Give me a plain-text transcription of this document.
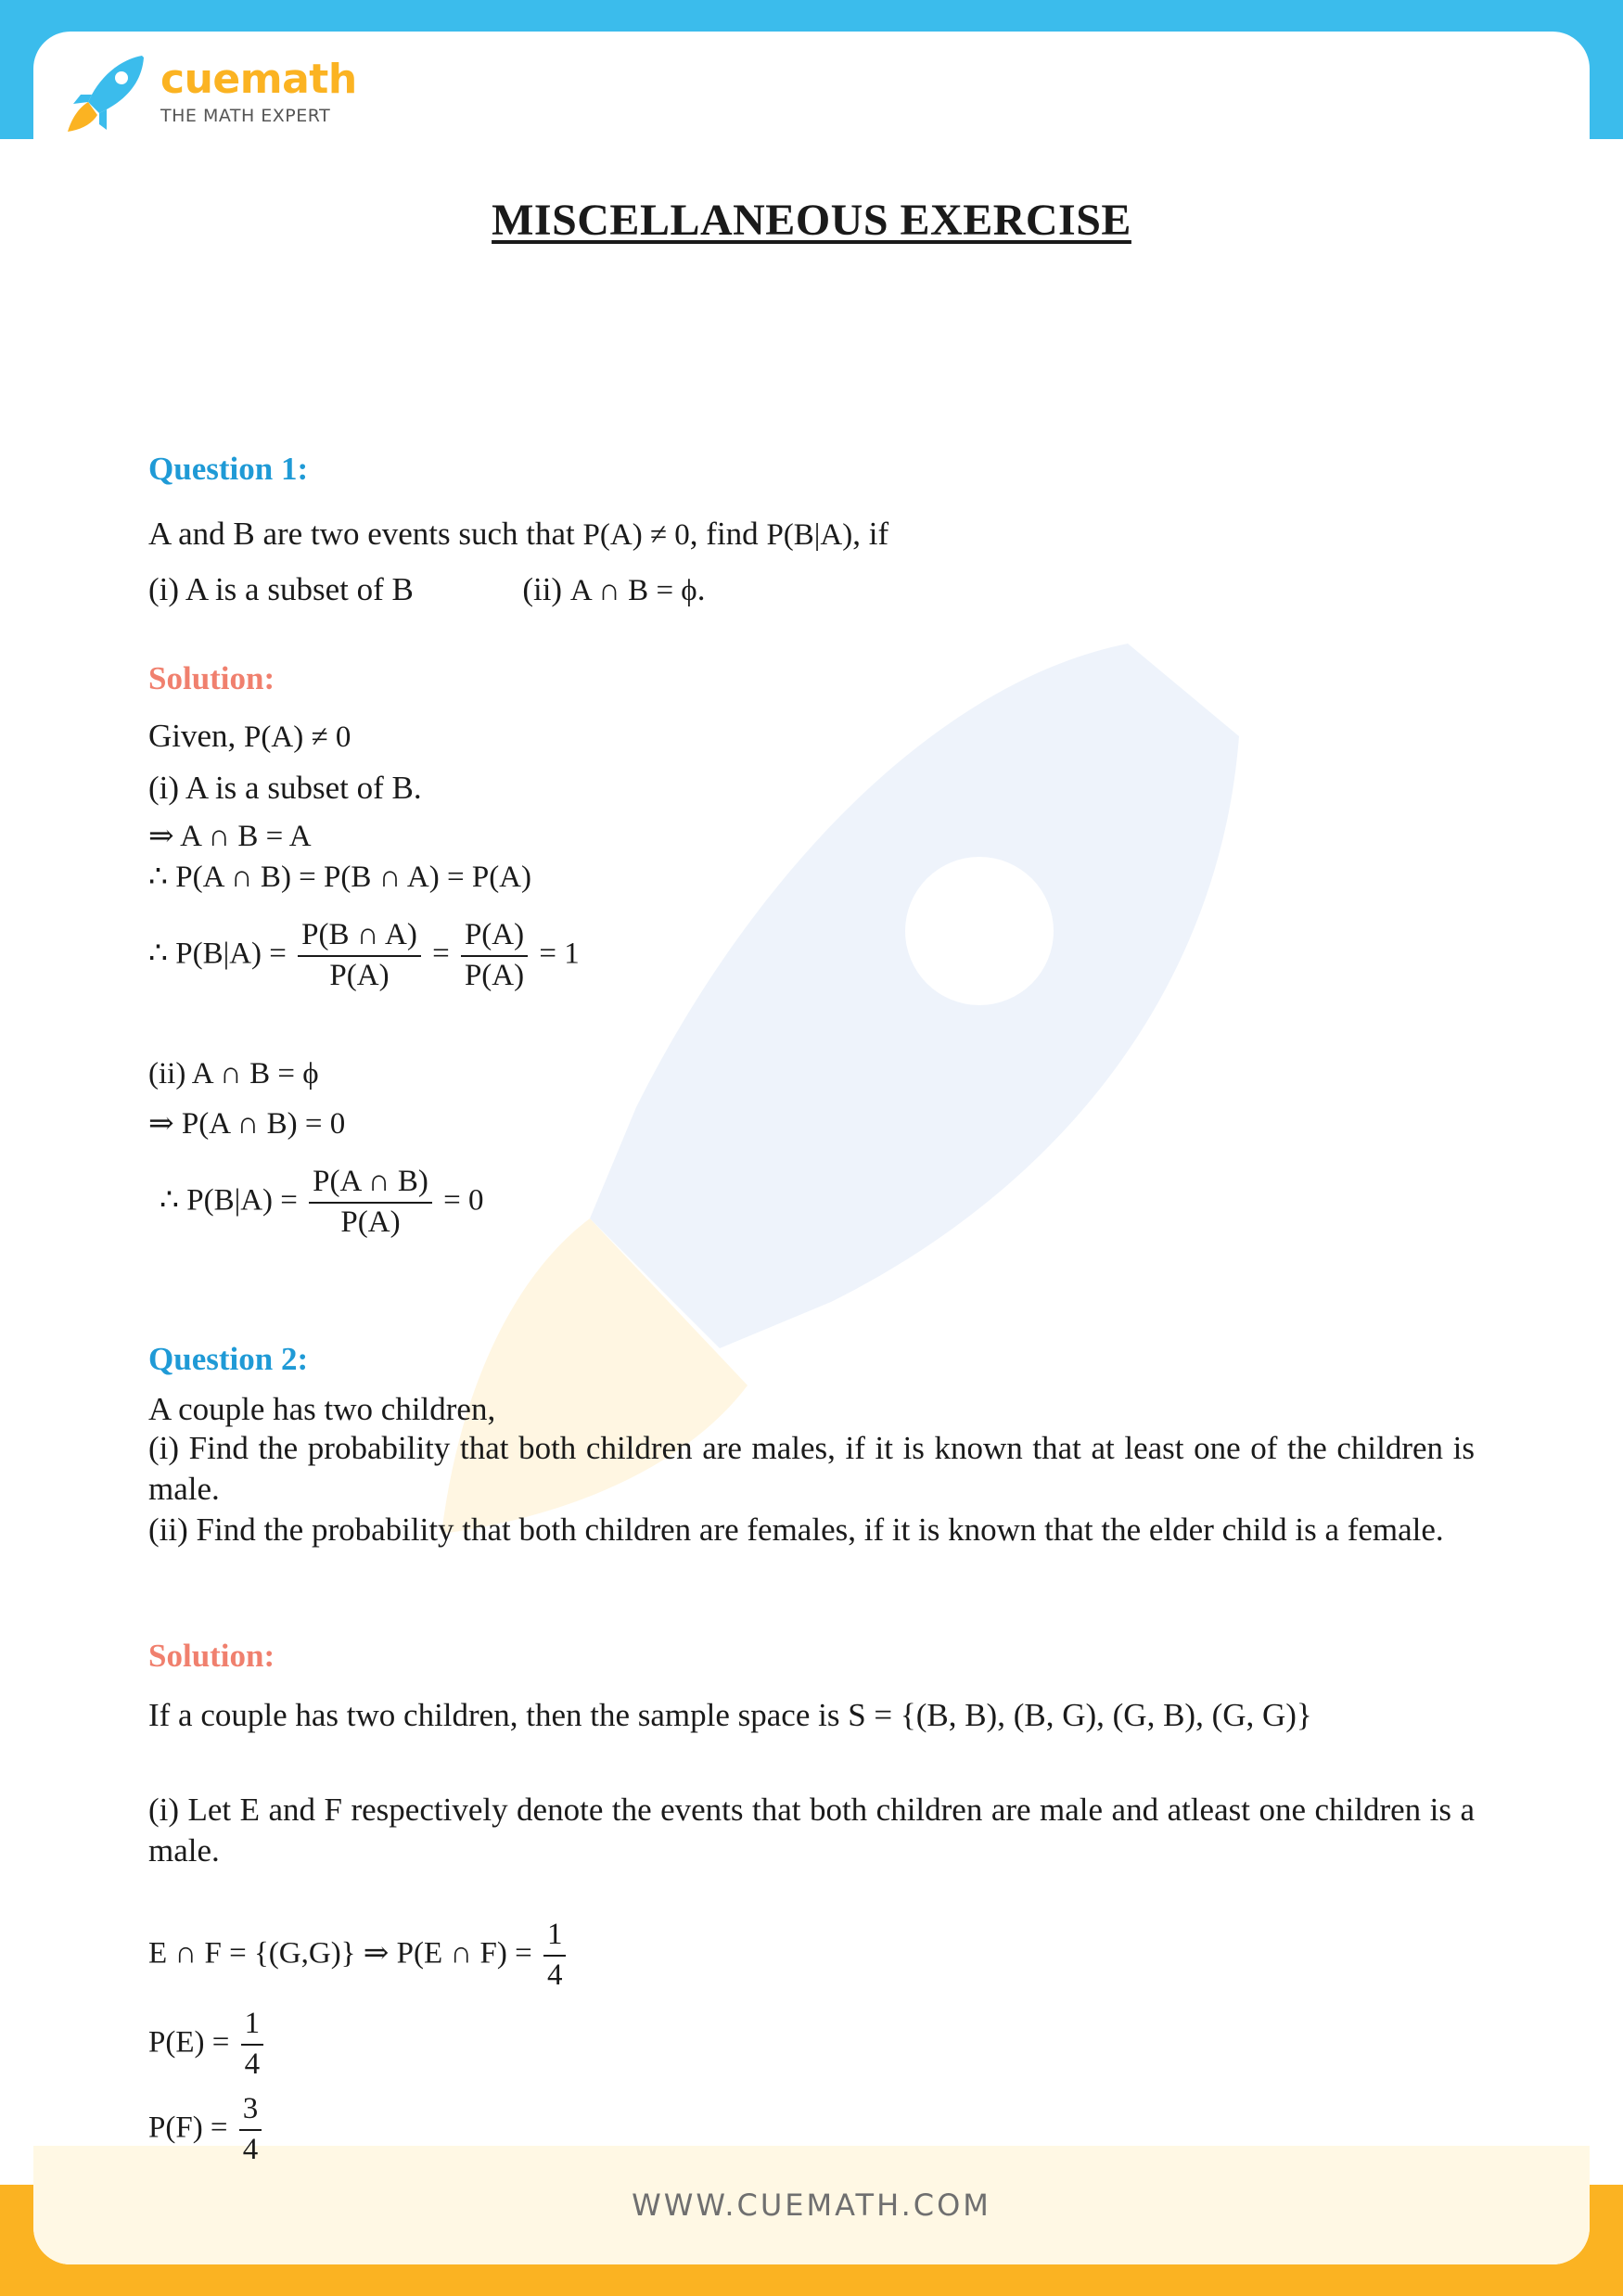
WWW.CUEMATH.COM
cuemath
THE MATH EXPERT
MISCELLANEOUS EXERCISE
Question 1:
A and B are two events such that P(A) ≠ 0, find P(B|A), if
(i) A is a subset of B	(ii) A ∩ B = ϕ.
Solution:
Given, P(A) ≠ 0
(i) A is a subset of B.
⇒ A ∩ B = A
∴ P(A ∩ B) = P(B ∩ A) = P(A)
∴ $P(B|A) = \frac{P(B \cap A)}{P(A)} = \frac{P(A)}{P(A)} = 1$
(ii) A ∩ B = ϕ
⇒ P(A ∩ B) = 0
∴ $P(B|A) = \frac{P(A \cap B)}{P(A)} = 0$
Question 2:
A couple has two children,
(i) Find the probability that both children are males, if it is known that at least one of the children is male.
(ii) Find the probability that both children are females, if it is known that the elder child is a female.
Solution:
If a couple has two children, then the sample space is S = {(B, B), (B, G), (G, B), (G, G)}
(i) Let E and F respectively denote the events that both children are male and atleast one children is a male.
E ∩ F = {(G,G)} ⇒ P(E ∩ $F) = \frac{1}{4}$
$P(E) = \frac{1}{4}$
$P(F) = \frac{3}{4}$
